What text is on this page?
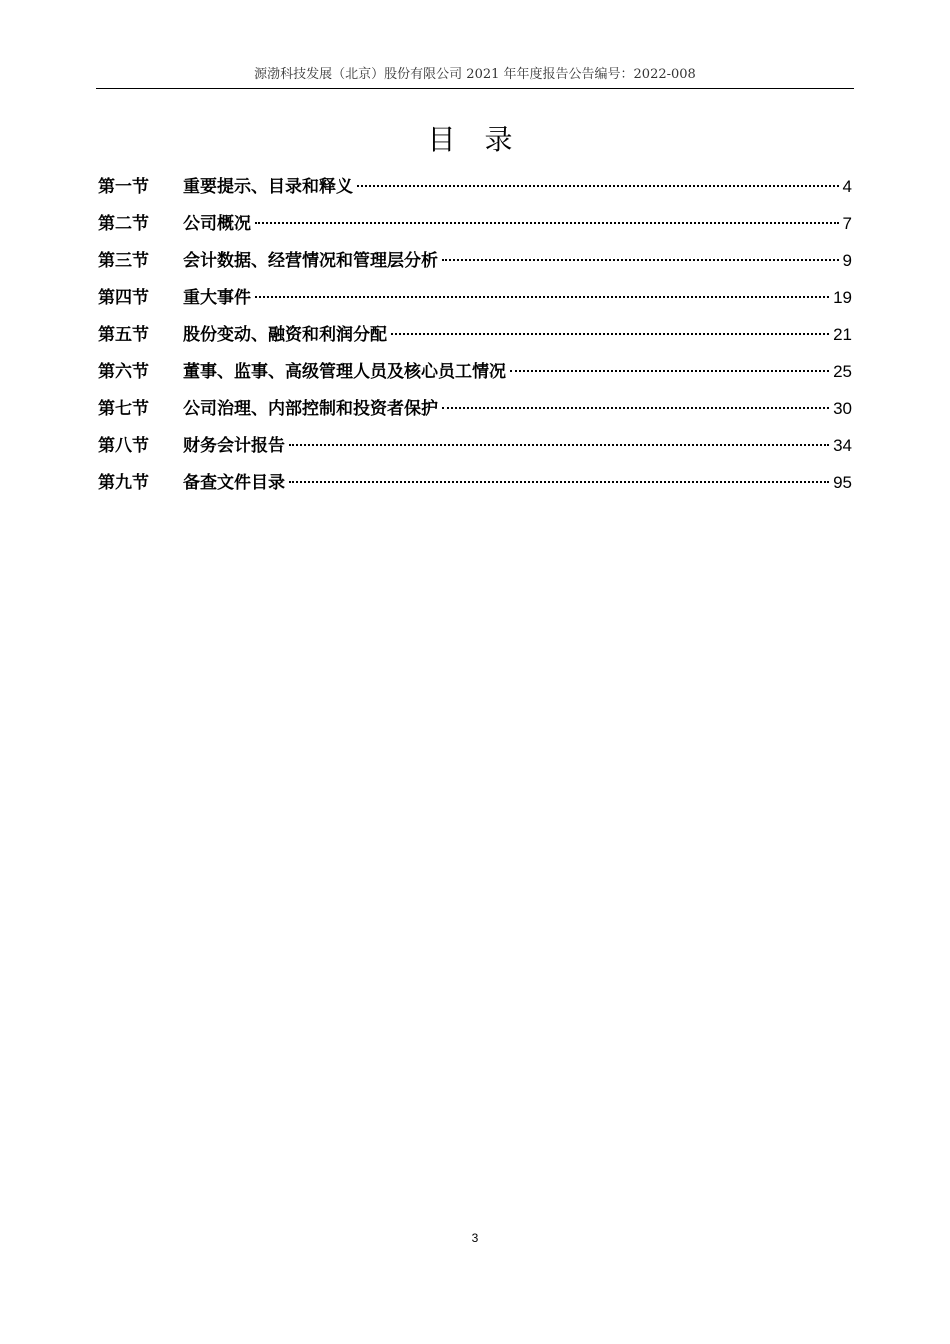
源渤科技发展（北京）股份有限公司 2021 年年度报告公告编号：2022-008
目 录
第一节	重要提示、目录和释义	4
第二节	公司概况	7
第三节	会计数据、经营情况和管理层分析	9
第四节	重大事件	19
第五节	股份变动、融资和利润分配	21
第六节	董事、监事、高级管理人员及核心员工情况	25
第七节	公司治理、内部控制和投资者保护	30
第八节	财务会计报告	34
第九节	备查文件目录	95
3
